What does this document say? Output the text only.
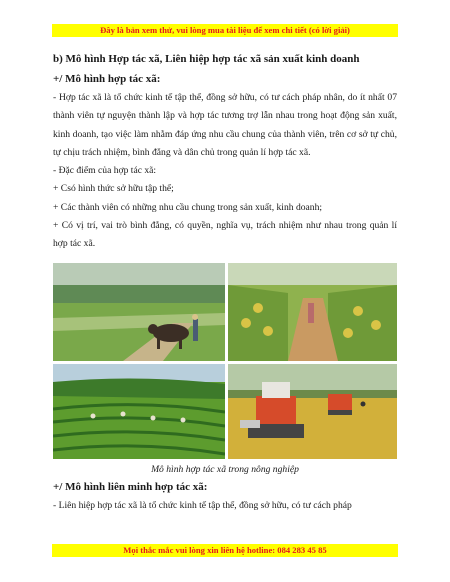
Đây là bản xem thử, vui lòng mua tài liệu để xem chi tiết (có lời giải)
b) Mô hình Hợp tác xã, Liên hiệp hợp tác xã sản xuất kinh doanh
+/ Mô hình hợp tác xã:

- Hợp tác xã là tổ chức kinh tế tập thể, đồng sở hữu, có tư cách pháp nhân, do ít nhất 07 thành viên tự nguyện thành lập và hợp tác tương trợ lẫn nhau trong hoạt động sản xuất, kinh doanh, tạo việc làm nhằm đáp ứng nhu cầu chung của thành viên, trên cơ sở tự chủ, tự chịu trách nhiệm, bình đẳng và dân chủ trong quản lí hợp tác xã.

- Đặc điểm của hợp tác xã:

+ Csó hình thức sở hữu tập thể;

+ Các thành viên có những nhu cầu chung trong sản xuất, kinh doanh;

+ Có vị trí, vai trò bình đẳng, có quyền, nghĩa vụ, trách nhiệm như nhau trong quản lí hợp tác xã.

Mô hình hợp tác xã trong nông nghiệp
+/ Mô hình liên minh hợp tác xã:

- Liên hiệp hợp tác xã là tổ chức kinh tế tập thể, đồng sở hữu, có tư cách pháp

Mọi thắc mắc vui lòng xin liên hệ hotline: 084 283 45 85
